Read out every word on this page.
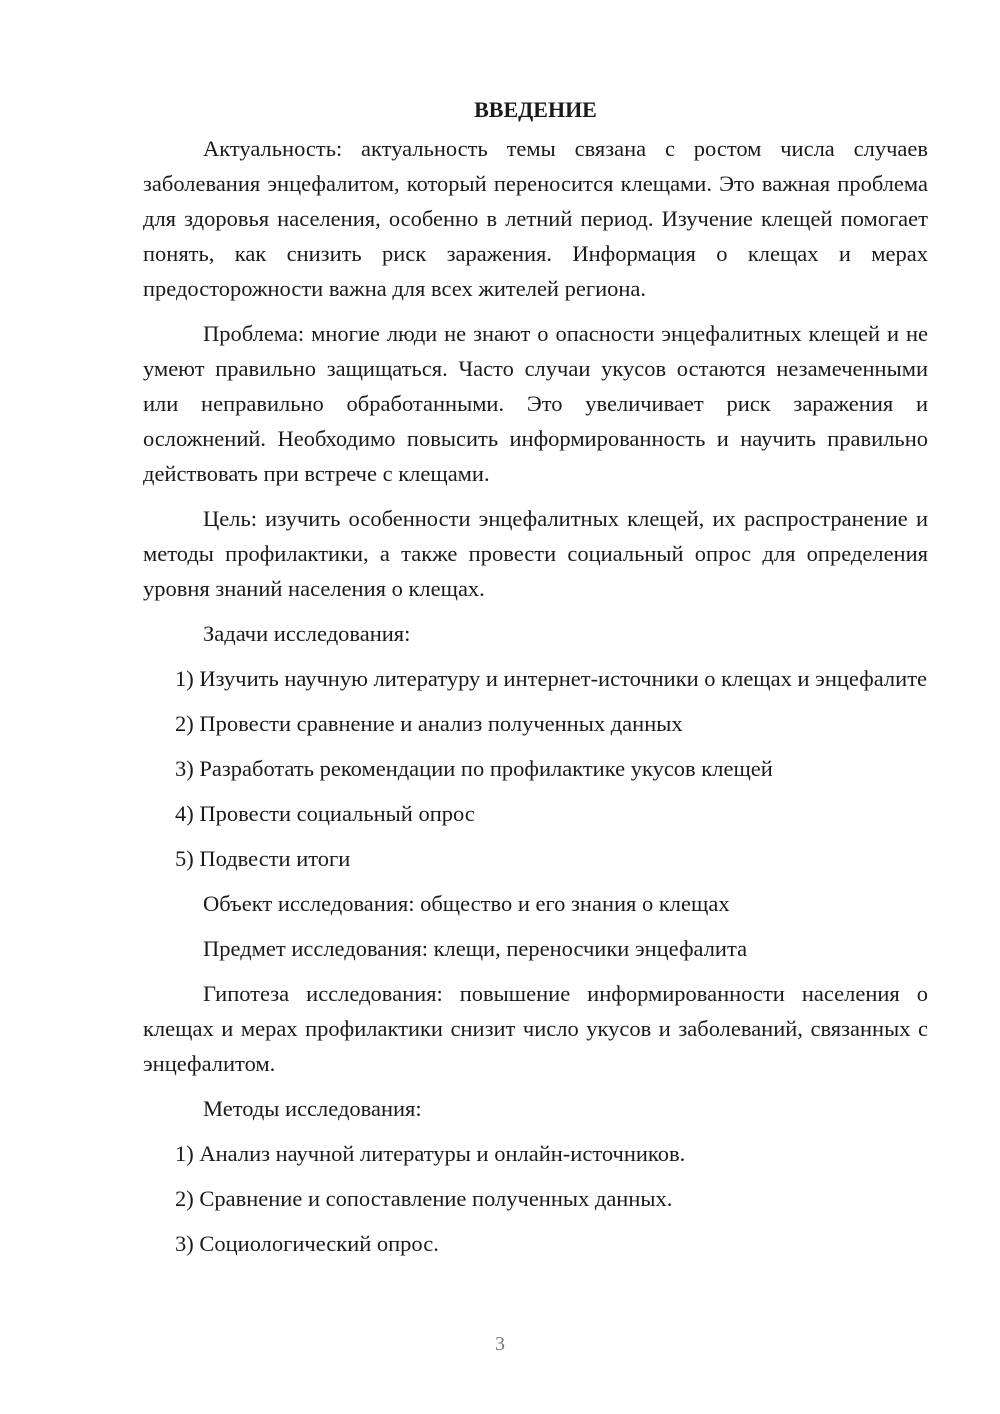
ВВЕДЕНИЕ

Актуальность: актуальность темы связана с ростом числа случаев заболевания энцефалитом, который переносится клещами. Это важная проблема для здоровья населения, особенно в летний период. Изучение клещей помогает понять, как снизить риск заражения. Информация о клещах и мерах предосторожности важна для всех жителей региона.

Проблема: многие люди не знают о опасности энцефалитных клещей и не умеют правильно защищаться. Часто случаи укусов остаются незамеченными или неправильно обработанными. Это увеличивает риск заражения и осложнений. Необходимо повысить информированность и научить правильно действовать при встрече с клещами.

Цель: изучить особенности энцефалитных клещей, их распространение и методы профилактики, а также провести социальный опрос для определения уровня знаний населения о клещах.

Задачи исследования:

1) Изучить научную литературу и интернет-источники о клещах и энцефалите

2) Провести сравнение и анализ полученных данных

3) Разработать рекомендации по профилактике укусов клещей

4) Провести социальный опрос

5) Подвести итоги

Объект исследования: общество и его знания о клещах

Предмет исследования: клещи, переносчики энцефалита

Гипотеза исследования: повышение информированности населения о клещах и мерах профилактики снизит число укусов и заболеваний, связанных с энцефалитом.

Методы исследования:

1) Анализ научной литературы и онлайн-источников.

2) Сравнение и сопоставление полученных данных.

3) Социологический опрос.

3
